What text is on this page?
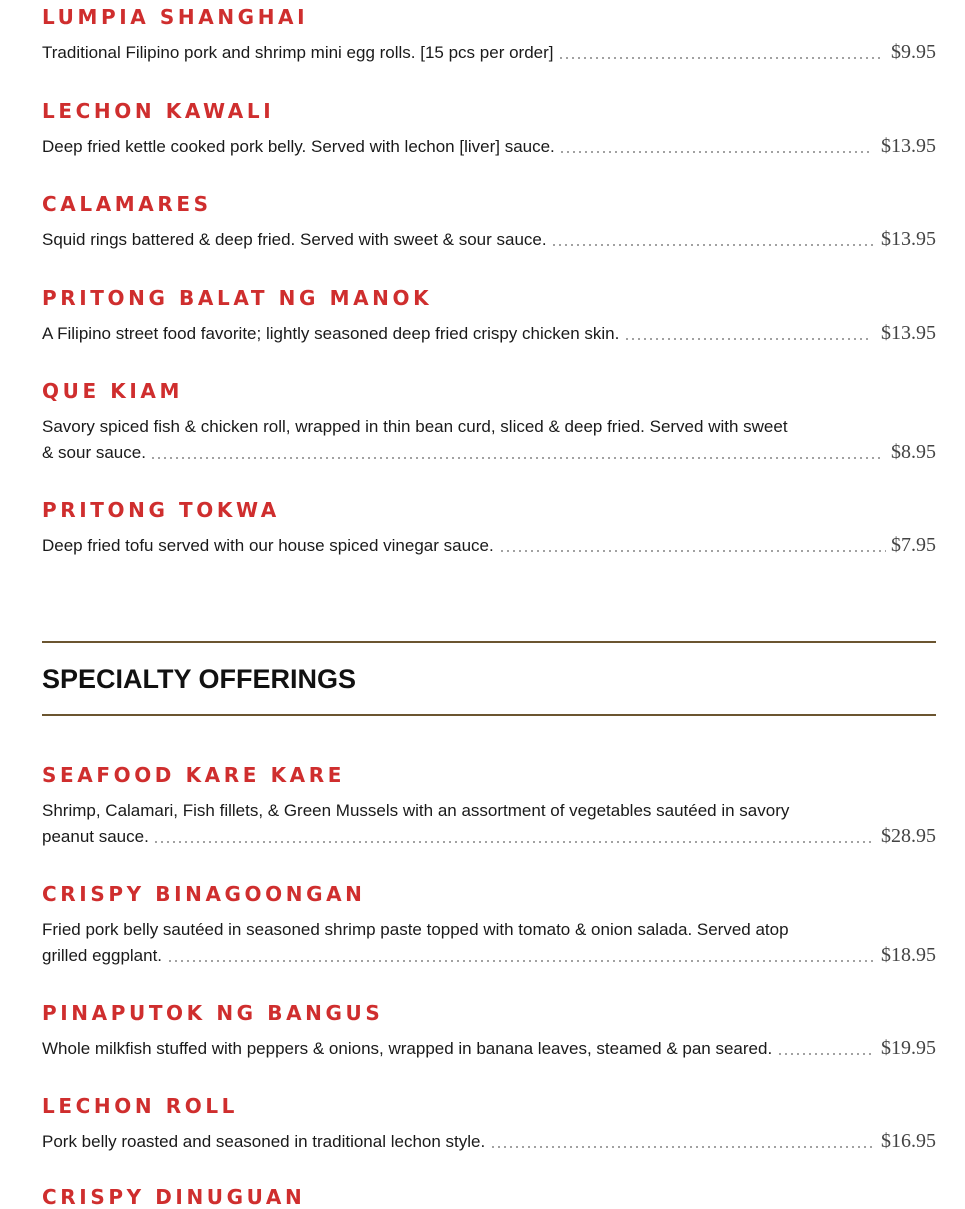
LUMPIA SHANGHAI
Traditional Filipino pork and shrimp mini egg rolls. [15 pcs per order]	$9.95
LECHON KAWALI
Deep fried kettle cooked pork belly. Served with lechon [liver] sauce.	$13.95
CALAMARES
Squid rings battered & deep fried. Served with sweet & sour sauce.	$13.95
PRITONG BALAT NG MANOK
A Filipino street food favorite; lightly seasoned deep fried crispy chicken skin.	$13.95
QUE KIAM
Savory spiced fish & chicken roll, wrapped in thin bean curd, sliced & deep fried. Served with sweet & sour sauce.	$8.95
PRITONG TOKWA
Deep fried tofu served with our house spiced vinegar sauce.	$7.95
SPECIALTY OFFERINGS
SEAFOOD KARE KARE
Shrimp, Calamari, Fish fillets, & Green Mussels with an assortment of vegetables sautéed in savory peanut sauce.	$28.95
CRISPY BINAGOONGAN
Fried pork belly sautéed in seasoned shrimp paste topped with tomato & onion salada. Served atop grilled eggplant.	$18.95
PINAPUTOK NG BANGUS
Whole milkfish stuffed with peppers & onions, wrapped in banana leaves, steamed & pan seared.	$19.95
LECHON ROLL
Pork belly roasted and seasoned in traditional lechon style.	$16.95
CRISPY DINUGUAN
